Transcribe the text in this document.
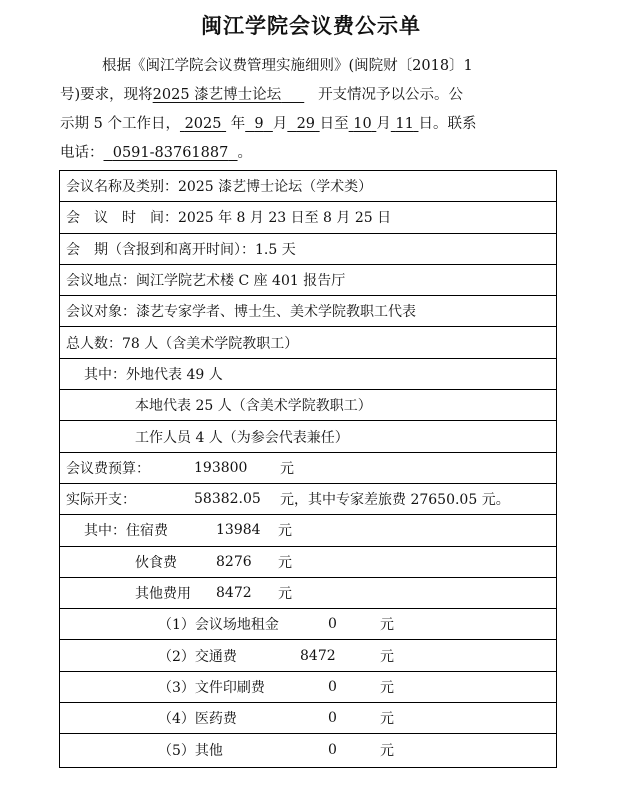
闽江学院会议费公示单

根据《闽江学院会议费管理实施细则》(闽院财〔2018〕1

号)要求，现将2025 漆艺博士论坛	开支情况予以公示。公

示期 5 个工作日， 2025 年 9 月 29 日至 10 月 11 日。联系

电话： 0591-83761887 。

会议名称及类别：2025 漆艺博士论坛（学术类）
会　议　时　间：2025 年 8 月 23 日至 8 月 25 日
会　期（含报到和离开时间）：1.5 天
会议地点：闽江学院艺术楼 C 座 401 报告厅
会议对象：漆艺专家学者、博士生、美术学院教职工代表
总人数：78 人（含美术学院教职工）
其中：外地代表 49 人
本地代表 25 人（含美术学院教职工）
工作人员 4 人（为参会代表兼任）
会议费预算：	193800	元
实际开支：	58382.05	元，其中专家差旅费 27650.05 元。
其中：住宿费	13984	元
伙食费	8276	元
其他费用	8472	元
（1）会议场地租金	0	元
（2）交通费	8472	元
（3）文件印刷费	0	元
（4）医药费	0	元
（5）其他	0	元
